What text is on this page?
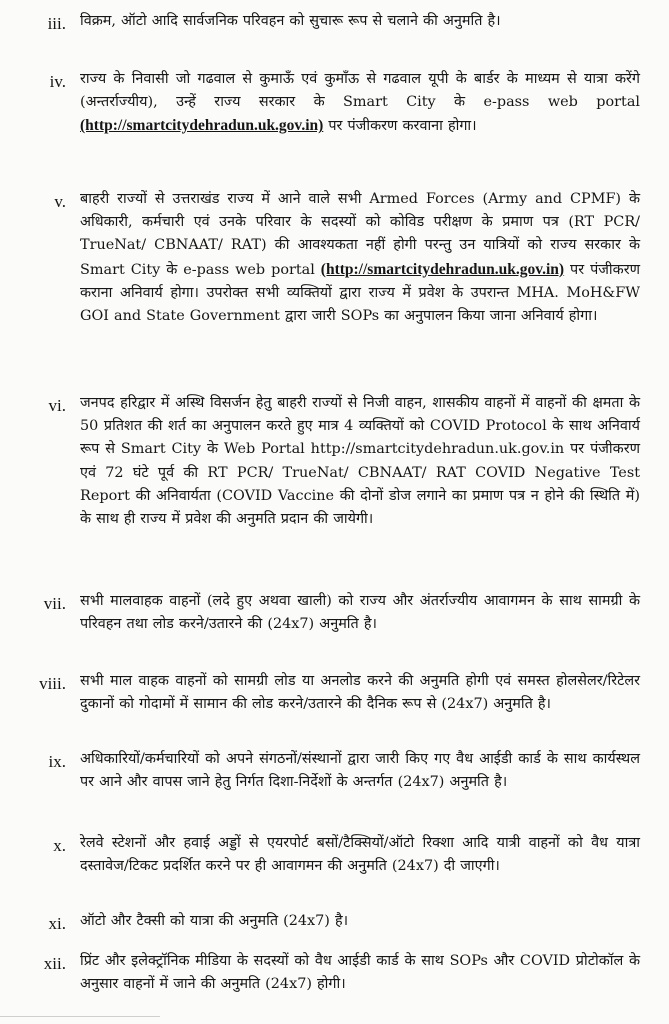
iii. विक्रम, ऑटो आदि सार्वजनिक परिवहन को सुचारू रूप से चलाने की अनुमति है।
iv. राज्य के निवासी जो गढवाल से कुमाऊँ एवं कुमाँऊ से गढवाल यूपी के बार्डर के माध्यम से यात्रा करेंगे (अन्तर्राज्यीय), उन्हें राज्य सरकार के Smart City के e-pass web portal (http://smartcitydehradun.uk.gov.in) पर पंजीकरण करवाना होगा।
v. बाहरी राज्यों से उत्तराखंड राज्य में आने वाले सभी Armed Forces (Army and CPMF) के अधिकारी, कर्मचारी एवं उनके परिवार के सदस्यों को कोविड परीक्षण के प्रमाण पत्र (RT PCR/ TrueNat/ CBNAAT/ RAT) की आवश्यकता नहीं होगी परन्तु उन यात्रियों को राज्य सरकार के Smart City के e-pass web portal (http://smartcitydehradun.uk.gov.in) पर पंजीकरण कराना अनिवार्य होगा। उपरोक्त सभी व्यक्तियों द्वारा राज्य में प्रवेश के उपरान्त MHA. MoH&FW GOI and State Government द्वारा जारी SOPs का अनुपालन किया जाना अनिवार्य होगा।
vi. जनपद हरिद्वार में अस्थि विसर्जन हेतु बाहरी राज्यों से निजी वाहन, शासकीय वाहनों में वाहनों की क्षमता के 50 प्रतिशत की शर्त का अनुपालन करते हुए मात्र 4 व्यक्तियों को COVID Protocol के साथ अनिवार्य रूप से Smart City के Web Portal http://smartcitydehradun.uk.gov.in पर पंजीकरण एवं 72 घंटे पूर्व की RT PCR/ TrueNat/ CBNAAT/ RAT COVID Negative Test Report की अनिवार्यता (COVID Vaccine की दोनों डोज लगाने का प्रमाण पत्र न होने की स्थिति में) के साथ ही राज्य में प्रवेश की अनुमति प्रदान की जायेगी।
vii. सभी मालवाहक वाहनों (लदे हुए अथवा खाली) को राज्य और अंतर्राज्यीय आवागमन के साथ सामग्री के परिवहन तथा लोड करने/उतारने की (24x7) अनुमति है।
viii. सभी माल वाहक वाहनों को सामग्री लोड या अनलोड करने की अनुमति होगी एवं समस्त होलसेलर/रिटेलर दुकानों को गोदामों में सामान की लोड करने/उतारने की दैनिक रूप से (24x7) अनुमति है।
ix. अधिकारियों/कर्मचारियों को अपने संगठनों/संस्थानों द्वारा जारी किए गए वैध आईडी कार्ड के साथ कार्यस्थल पर आने और वापस जाने हेतु निर्गत दिशा-निर्देशों के अन्तर्गत (24x7) अनुमति है।
x. रेलवे स्टेशनों और हवाई अड्डों से एयरपोर्ट बसों/टैक्सियों/ऑटो रिक्शा आदि यात्री वाहनों को वैध यात्रा दस्तावेज/टिकट प्रदर्शित करने पर ही आवागमन की अनुमति (24x7) दी जाएगी।
xi. ऑटो और टैक्सी को यात्रा की अनुमति (24x7) है।
xii. प्रिंट और इलेक्ट्रॉनिक मीडिया के सदस्यों को वैध आईडी कार्ड के साथ SOPs और COVID प्रोटोकॉल के अनुसार वाहनों में जाने की अनुमति (24x7) होगी।
